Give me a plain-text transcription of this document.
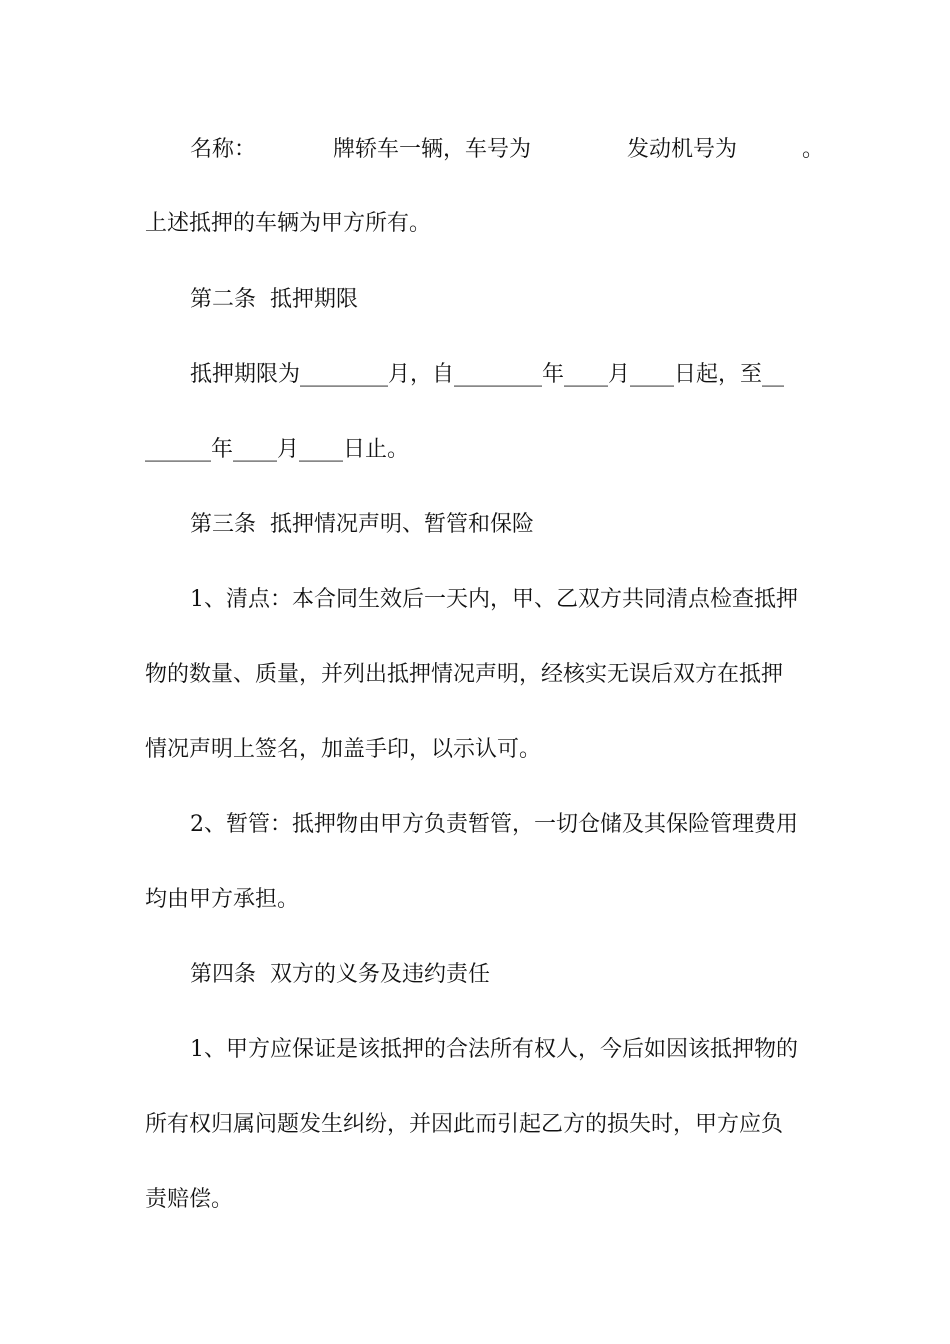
名称：

	牌轿车一辆，车号为

	发动机号为

	。

上述抵押的车辆为甲方所有。

第二条  抵押期限

抵押期限为________月，自________年____月____日起，至__

______年____月____日止。

第三条  抵押情况声明、暂管和保险

1、清点：本合同生效后一天内，甲、乙双方共同清点检查抵押

物的数量、质量，并列出抵押情况声明，经核实无误后双方在抵押

情况声明上签名，加盖手印，以示认可。

2、暂管：抵押物由甲方负责暂管，一切仓储及其保险管理费用

均由甲方承担。

第四条  双方的义务及违约责任

1、甲方应保证是该抵押的合法所有权人，今后如因该抵押物的

所有权归属问题发生纠纷，并因此而引起乙方的损失时，甲方应负

责赔偿。
